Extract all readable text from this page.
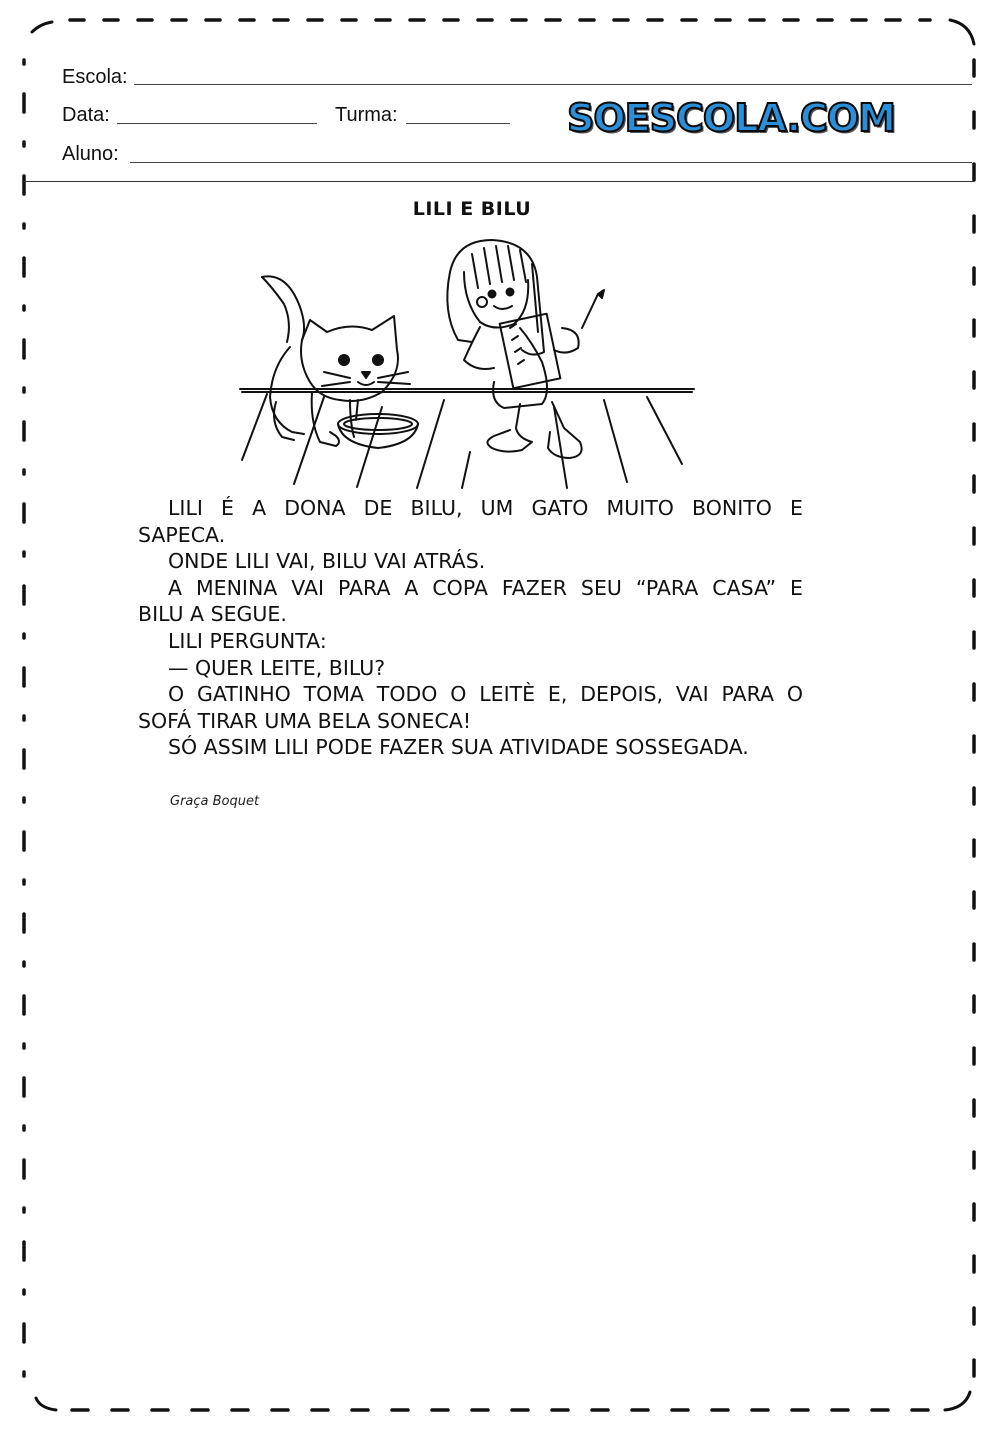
Escola:
Data:	Turma:	SOESCOLA.COM
Aluno:
LILI E BILU

LILI É A DONA DE BILU, UM GATO MUITO BONITO E

SAPECA.

ONDE LILI VAI, BILU VAI ATRÁS.

A MENINA VAI PARA A COPA FAZER SEU “PARA CASA” E

BILU A SEGUE.

LILI PERGUNTA:

— QUER LEITE, BILU?

O GATINHO TOMA TODO O LEITÈ E, DEPOIS, VAI PARA O

SOFÁ TIRAR UMA BELA SONECA!

SÓ ASSIM LILI PODE FAZER SUA ATIVIDADE SOSSEGADA.

Graça Boquet
